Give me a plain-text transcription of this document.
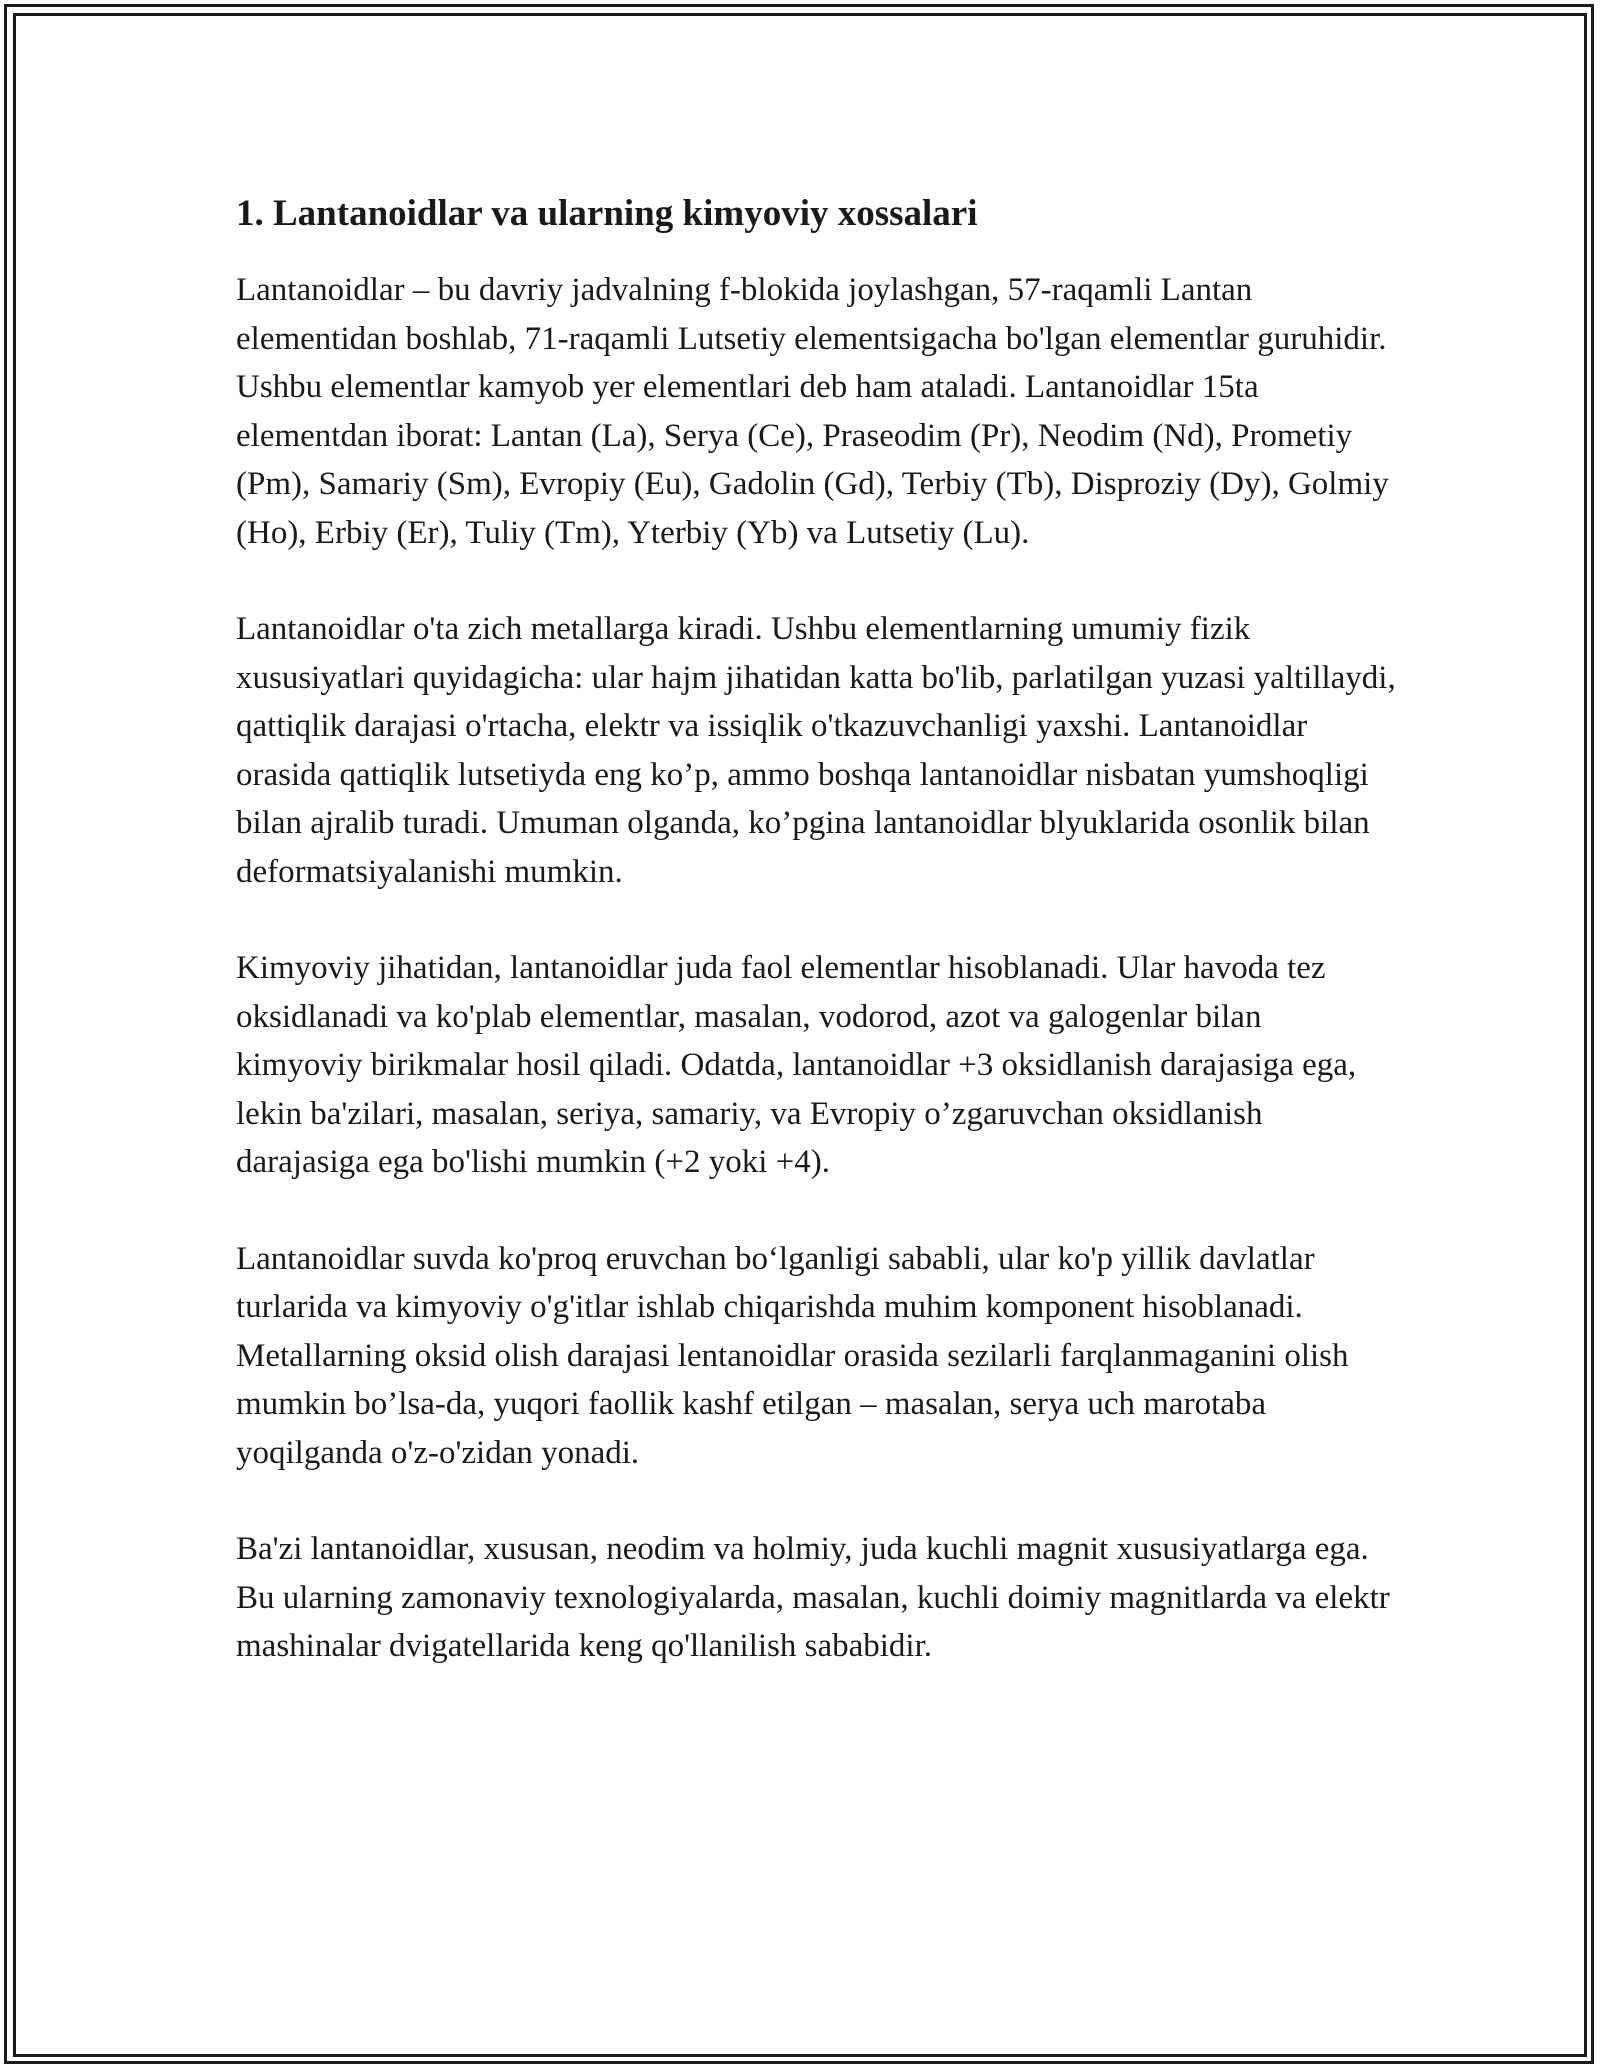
1. Lantanoidlar va ularning kimyoviy xossalari

Lantanoidlar – bu davriy jadvalning f-blokida joylashgan, 57-raqamli Lantan elementidan boshlab, 71-raqamli Lutsetiy elementsigacha bo'lgan elementlar guruhidir. Ushbu elementlar kamyob yer elementlari deb ham ataladi. Lantanoidlar 15ta elementdan iborat: Lantan (La), Serya (Ce), Praseodim (Pr), Neodim (Nd), Prometiy (Pm), Samariy (Sm), Evropiy (Eu), Gadolin (Gd), Terbiy (Tb), Disproziy (Dy), Golmiy (Ho), Erbiy (Er), Tuliy (Tm), Yterbiy (Yb) va Lutsetiy (Lu).

Lantanoidlar o'ta zich metallarga kiradi. Ushbu elementlarning umumiy fizik xususiyatlari quyidagicha: ular hajm jihatidan katta bo'lib, parlatilgan yuzasi yaltillaydi, qattiqlik darajasi o'rtacha, elektr va issiqlik o'tkazuvchanligi yaxshi. Lantanoidlar orasida qattiqlik lutsetiyda eng ko’p, ammo boshqa lantanoidlar nisbatan yumshoqligi bilan ajralib turadi. Umuman olganda, ko’pgina lantanoidlar blyuklarida osonlik bilan deformatsiyalanishi mumkin.

Kimyoviy jihatidan, lantanoidlar juda faol elementlar hisoblanadi. Ular havoda tez oksidlanadi va ko'plab elementlar, masalan, vodorod, azot va galogenlar bilan kimyoviy birikmalar hosil qiladi. Odatda, lantanoidlar +3 oksidlanish darajasiga ega, lekin ba'zilari, masalan, seriya, samariy, va Evropiy o’zgaruvchan oksidlanish darajasiga ega bo'lishi mumkin (+2 yoki +4).

Lantanoidlar suvda ko'proq eruvchan bo‘lganligi sababli, ular ko'p yillik davlatlar turlarida va kimyoviy o'g'itlar ishlab chiqarishda muhim komponent hisoblanadi. Metallarning oksid olish darajasi lentanoidlar orasida sezilarli farqlanmaganini olish mumkin bo’lsa-da, yuqori faollik kashf etilgan – masalan, serya uch marotaba yoqilganda o'z-o'zidan yonadi.

Ba'zi lantanoidlar, xususan, neodim va holmiy, juda kuchli magnit xususiyatlarga ega. Bu ularning zamonaviy texnologiyalarda, masalan, kuchli doimiy magnitlarda va elektr mashinalar dvigatellarida keng qo'llanilish sababidir.
